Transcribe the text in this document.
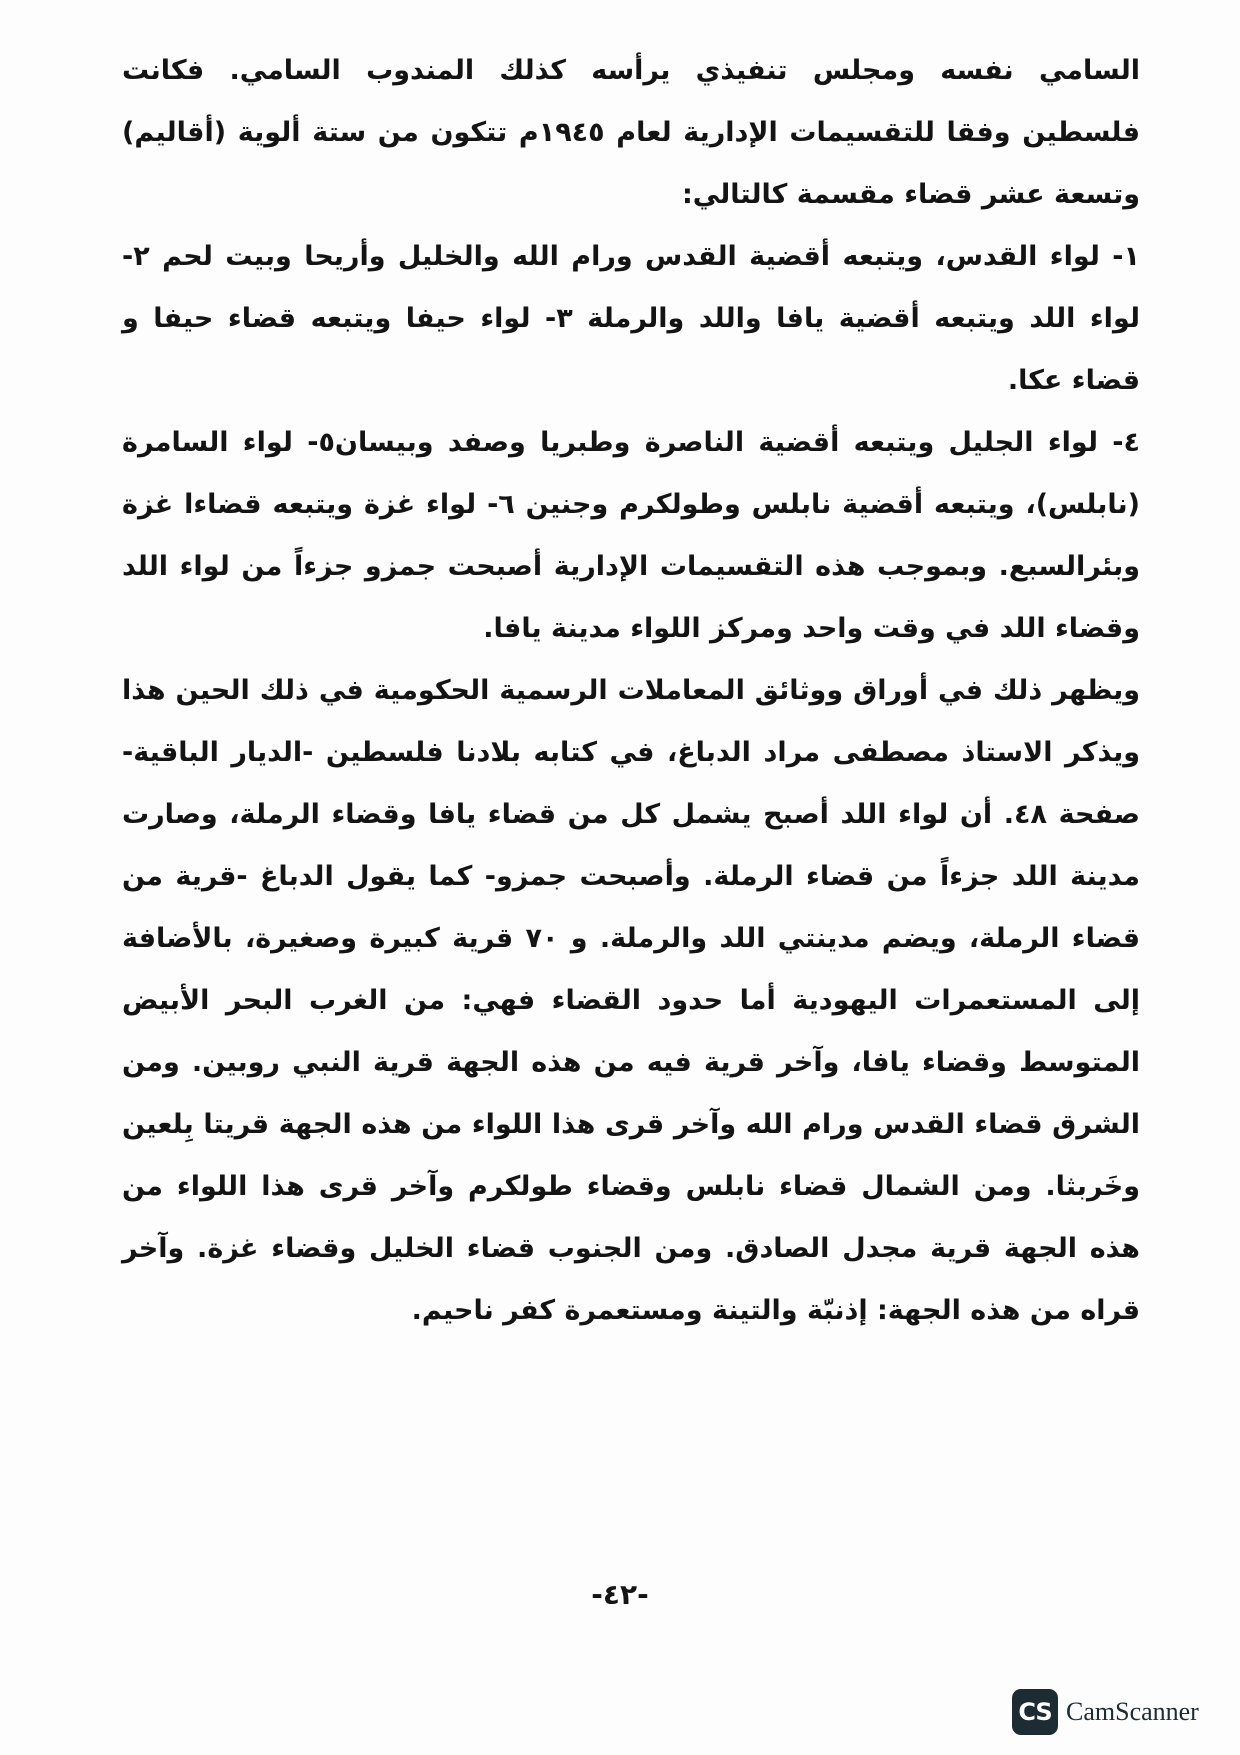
السامي نفسه ومجلس تنفيذي يرأسه كذلك المندوب السامي. فكانت فلسطين وفقا للتقسيمات الإدارية لعام ١٩٤٥م تتكون من ستة ألوية (أقاليم) وتسعة عشر قضاء مقسمة كالتالي:

١- لواء القدس، ويتبعه أقضية القدس ورام الله والخليل وأريحا وبيت لحم ٢- لواء اللد ويتبعه أقضية يافا واللد والرملة ٣- لواء حيفا ويتبعه قضاء حيفا و قضاء عكا.

٤- لواء الجليل ويتبعه أقضية الناصرة وطبريا وصفد وبيسان٥- لواء السامرة (نابلس)، ويتبعه أقضية نابلس وطولكرم وجنين ٦- لواء غزة ويتبعه قضاءا غزة وبئرالسبع. وبموجب هذه التقسيمات الإدارية أصبحت جمزو جزءاً من لواء اللد وقضاء اللد في وقت واحد ومركز اللواء مدينة يافا.

ويظهر ذلك في أوراق ووثائق المعاملات الرسمية الحكومية في ذلك الحين هذا ويذكر الاستاذ مصطفى مراد الدباغ، في كتابه بلادنا فلسطين -الديار الباقية- صفحة ٤٨. أن لواء اللد أصبح يشمل كل من قضاء يافا وقضاء الرملة، وصارت مدينة اللد جزءاً من قضاء الرملة. وأصبحت جمزو- كما يقول الدباغ -قرية من قضاء الرملة، ويضم مدينتي اللد والرملة. و ٧٠ قرية كبيرة وصغيرة، بالأضافة إلى المستعمرات اليهودية أما حدود القضاء فهي: من الغرب البحر الأبيض المتوسط وقضاء يافا، وآخر قرية فيه من هذه الجهة قرية النبي روبين. ومن الشرق قضاء القدس ورام الله وآخر قرى هذا اللواء من هذه الجهة قريتا بِلعين وخَربثا. ومن الشمال قضاء نابلس وقضاء طولكرم وآخر قرى هذا اللواء من هذه الجهة قرية مجدل الصادق. ومن الجنوب قضاء الخليل وقضاء غزة. وآخر قراه من هذه الجهة: إذنبّة والتينة ومستعمرة كفر ناحيم.

-٤٢-
CS CamScanner
